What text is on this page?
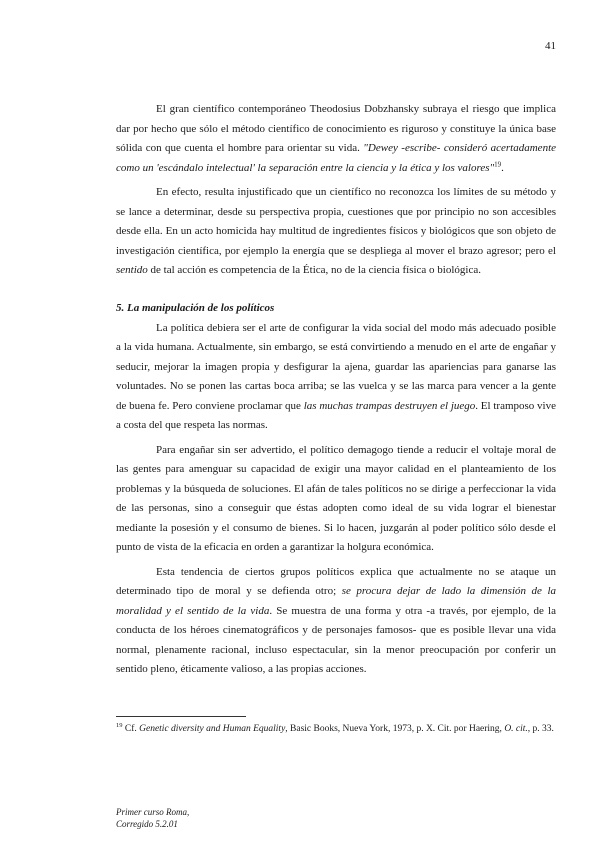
41

El gran científico contemporáneo Theodosius Dobzhansky subraya el riesgo que implica dar por hecho que sólo el método científico de conocimiento es riguroso y constituye la única base sólida con que cuenta el hombre para orientar su vida. "Dewey -escribe- consideró acertadamente como un 'escándalo intelectual' la separación entre la ciencia y la ética y los valores"$^{19}$.

En efecto, resulta injustificado que un científico no reconozca los límites de su método y se lance a determinar, desde su perspectiva propia, cuestiones que por principio no son accesibles desde ella. En un acto homicida hay multitud de ingredientes físicos y biológicos que son objeto de investigación científica, por ejemplo la energía que se despliega al mover el brazo agresor; pero el sentido de tal acción es competencia de la Ética, no de la ciencia física o biológica.

5. La manipulación de los políticos

La política debiera ser el arte de configurar la vida social del modo más adecuado posible a la vida humana. Actualmente, sin embargo, se está convirtiendo a menudo en el arte de engañar y seducir, mejorar la imagen propia y desfigurar la ajena, guardar las apariencias para ganarse las voluntades. No se ponen las cartas boca arriba; se las vuelca y se las marca para vencer a la gente de buena fe. Pero conviene proclamar que las muchas trampas destruyen el juego. El tramposo vive a costa del que respeta las normas.

Para engañar sin ser advertido, el político demagogo tiende a reducir el voltaje moral de las gentes para amenguar su capacidad de exigir una mayor calidad en el planteamiento de los problemas y la búsqueda de soluciones. El afán de tales políticos no se dirige a perfeccionar la vida de las personas, sino a conseguir que éstas adopten como ideal de su vida lograr el bienestar mediante la posesión y el consumo de bienes. Si lo hacen, juzgarán al poder político sólo desde el punto de vista de la eficacia en orden a garantizar la holgura económica.

Esta tendencia de ciertos grupos políticos explica que actualmente no se ataque un determinado tipo de moral y se defienda otro; se procura dejar de lado la dimensión de la moralidad y el sentido de la vida. Se muestra de una forma y otra -a través, por ejemplo, de la conducta de los héroes cinematográficos y de personajes famosos- que es posible llevar una vida normal, plenamente racional, incluso espectacular, sin la menor preocupación por conferir un sentido pleno, éticamente valioso, a las propias acciones.

$^{19}$ Cf. Genetic diversity and Human Equality, Basic Books, Nueva York, 1973, p. X. Cit. por Haering, O. cit., p. 33.
Primer curso Roma,
Corregido 5.2.01
